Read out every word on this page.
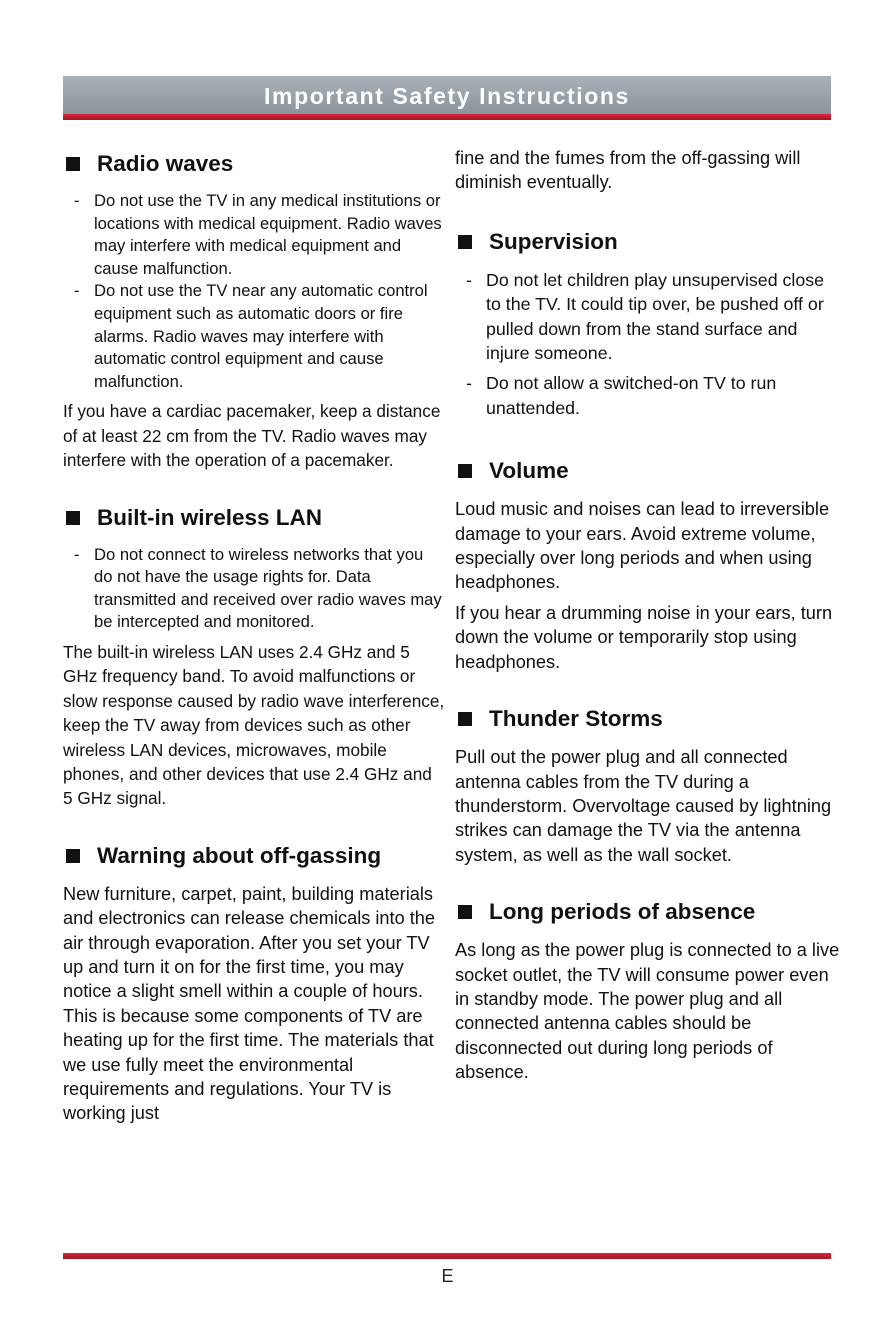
Important Safety Instructions
Radio waves
- Do not use the TV in any medical institutions or locations with medical equipment. Radio waves may interfere with medical equipment and cause malfunction.
- Do not use the TV near any automatic control equipment such as automatic doors or fire alarms. Radio waves may interfere with automatic control equipment and cause malfunction.

If you have a cardiac pacemaker, keep a distance of at least 22 cm from the TV. Radio waves may interfere with the operation of a pacemaker.

Built-in wireless LAN
- Do not connect to wireless networks that you do not have the usage rights for. Data transmitted and received over radio waves may be intercepted and monitored.

The built-in wireless LAN uses 2.4 GHz and 5 GHz frequency band. To avoid malfunctions or slow response caused by radio wave interference, keep the TV away from devices such as other wireless LAN devices, microwaves, mobile phones, and other devices that use 2.4 GHz and 5 GHz signal.

Warning about off-gassing

New furniture, carpet, paint, building materials and electronics can release chemicals into the air through evaporation. After you set your TV up and turn it on for the first time, you may notice a slight smell within a couple of hours. This is because some components of TV are heating up for the first time. The materials that we use fully meet the environmental requirements and regulations. Your TV is working just

fine and the fumes from the off-gassing will diminish eventually.

Supervision
- Do not let children play unsupervised close to the TV. It could tip over, be pushed off or pulled down from the stand surface and injure someone.
- Do not allow a switched-on TV to run unattended.
Volume

Loud music and noises can lead to irreversible damage to your ears. Avoid extreme volume, especially over long periods and when using headphones.

If you hear a drumming noise in your ears, turn down the volume or temporarily stop using headphones.

Thunder Storms

Pull out the power plug and all connected antenna cables from the TV during a thunderstorm. Overvoltage caused by lightning strikes can damage the TV via the antenna system, as well as the wall socket.

Long periods of absence

As long as the power plug is connected to a live socket outlet, the TV will consume power even in standby mode. The power plug and all connected antenna cables should be disconnected out during long periods of absence.

E
